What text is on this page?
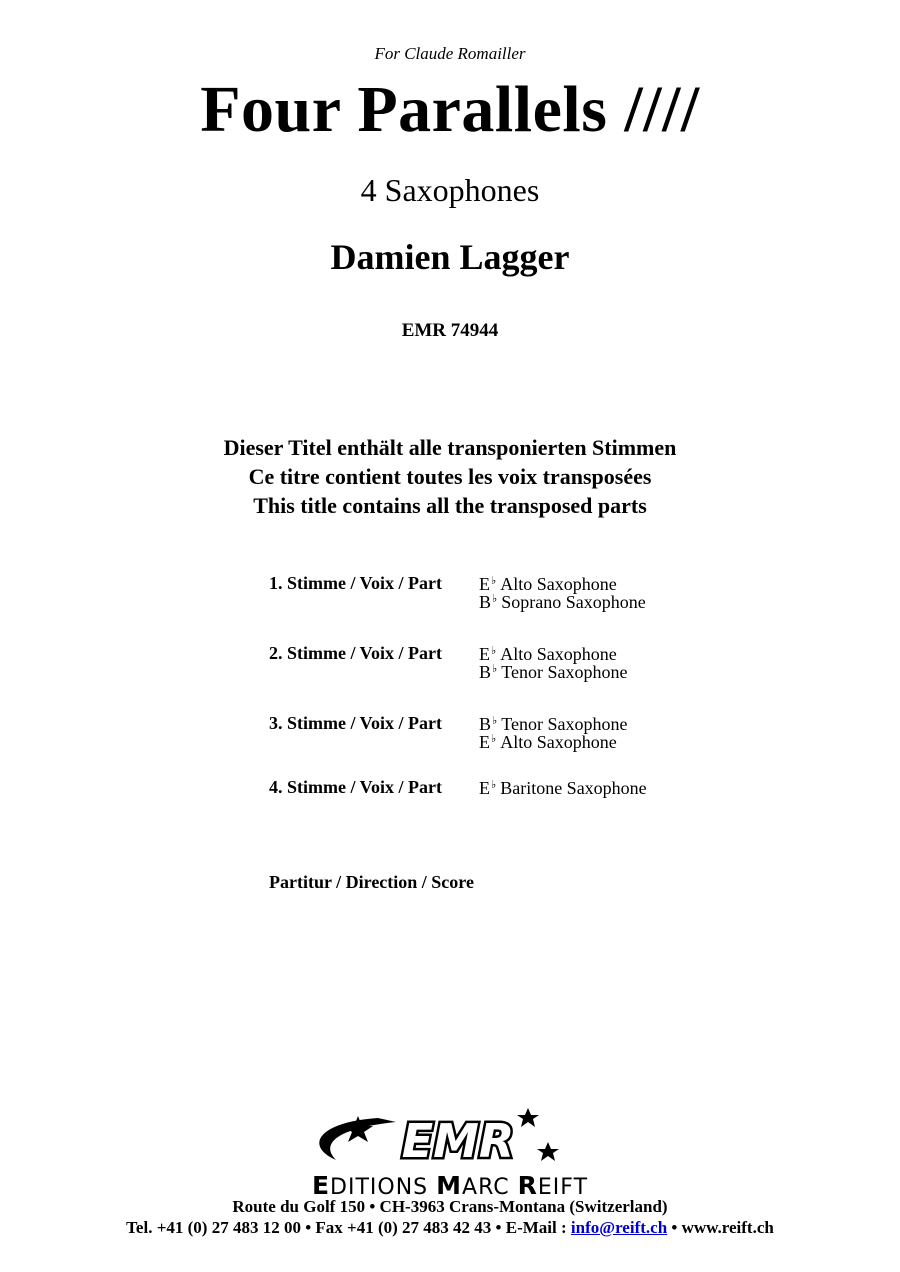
For Claude Romailler
Four Parallels ////
4 Saxophones
Damien Lagger
EMR 74944
Dieser Titel enthält alle transponierten Stimmen
Ce titre contient toutes les voix transposées
This title contains all the transposed parts
1. Stimme / Voix / Part E♭ Alto Saxophone
B♭ Soprano Saxophone
2. Stimme / Voix / Part E♭ Alto Saxophone
B♭ Tenor Saxophone
3. Stimme / Voix / Part B♭ Tenor Saxophone
E♭ Alto Saxophone
4. Stimme / Voix / Part E♭ Baritone Saxophone
Partitur / Direction / Score
EMR
EDITIONS MARC REIFT
Route du Golf 150 • CH-3963 Crans-Montana (Switzerland)
Tel. +41 (0) 27 483 12 00 • Fax +41 (0) 27 483 42 43 • E-Mail : info@reift.ch • www.reift.ch
